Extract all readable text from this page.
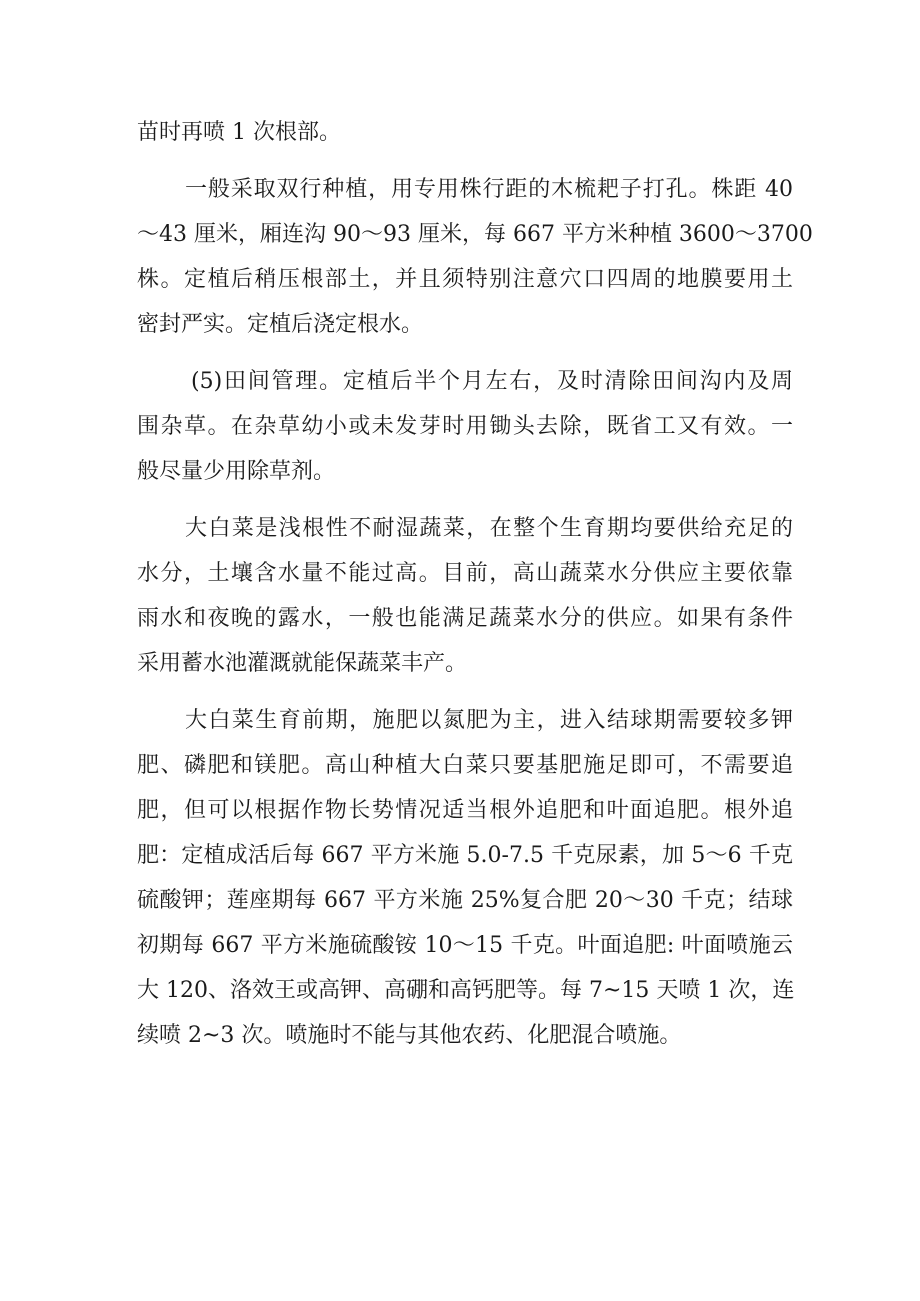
苗时再喷 1 次根部。
一般采取双行种植，用专用株行距的木梳耙子打孔。株距 40
～43 厘米，厢连沟 90～93 厘米，每 667 平方米种植 3600～3700
株。定植后稍压根部土，并且须特别注意穴口四周的地膜要用土
密封严实。定植后浇定根水。
(5)田间管理。定植后半个月左右，及时清除田间沟内及周
围杂草。在杂草幼小或未发芽时用锄头去除，既省工又有效。一
般尽量少用除草剂。
大白菜是浅根性不耐湿蔬菜，在整个生育期均要供给充足的
水分，土壤含水量不能过高。目前，高山蔬菜水分供应主要依靠
雨水和夜晚的露水，一般也能满足蔬菜水分的供应。如果有条件
采用蓄水池灌溉就能保蔬菜丰产。
大白菜生育前期，施肥以氮肥为主，进入结球期需要较多钾
肥、磷肥和镁肥。高山种植大白菜只要基肥施足即可，不需要追
肥，但可以根据作物长势情况适当根外追肥和叶面追肥。根外追
肥：定植成活后每 667 平方米施 5.0-7.5 千克尿素，加 5～6 千克
硫酸钾；莲座期每 667 平方米施 25%复合肥 20～30 千克；结球
初期每 667 平方米施硫酸铵 10～15 千克。叶面追肥: 叶面喷施云
大 120、洛效王或高钾、高硼和高钙肥等。每 7~15 天喷 1 次，连
续喷 2~3 次。喷施时不能与其他农药、化肥混合喷施。
